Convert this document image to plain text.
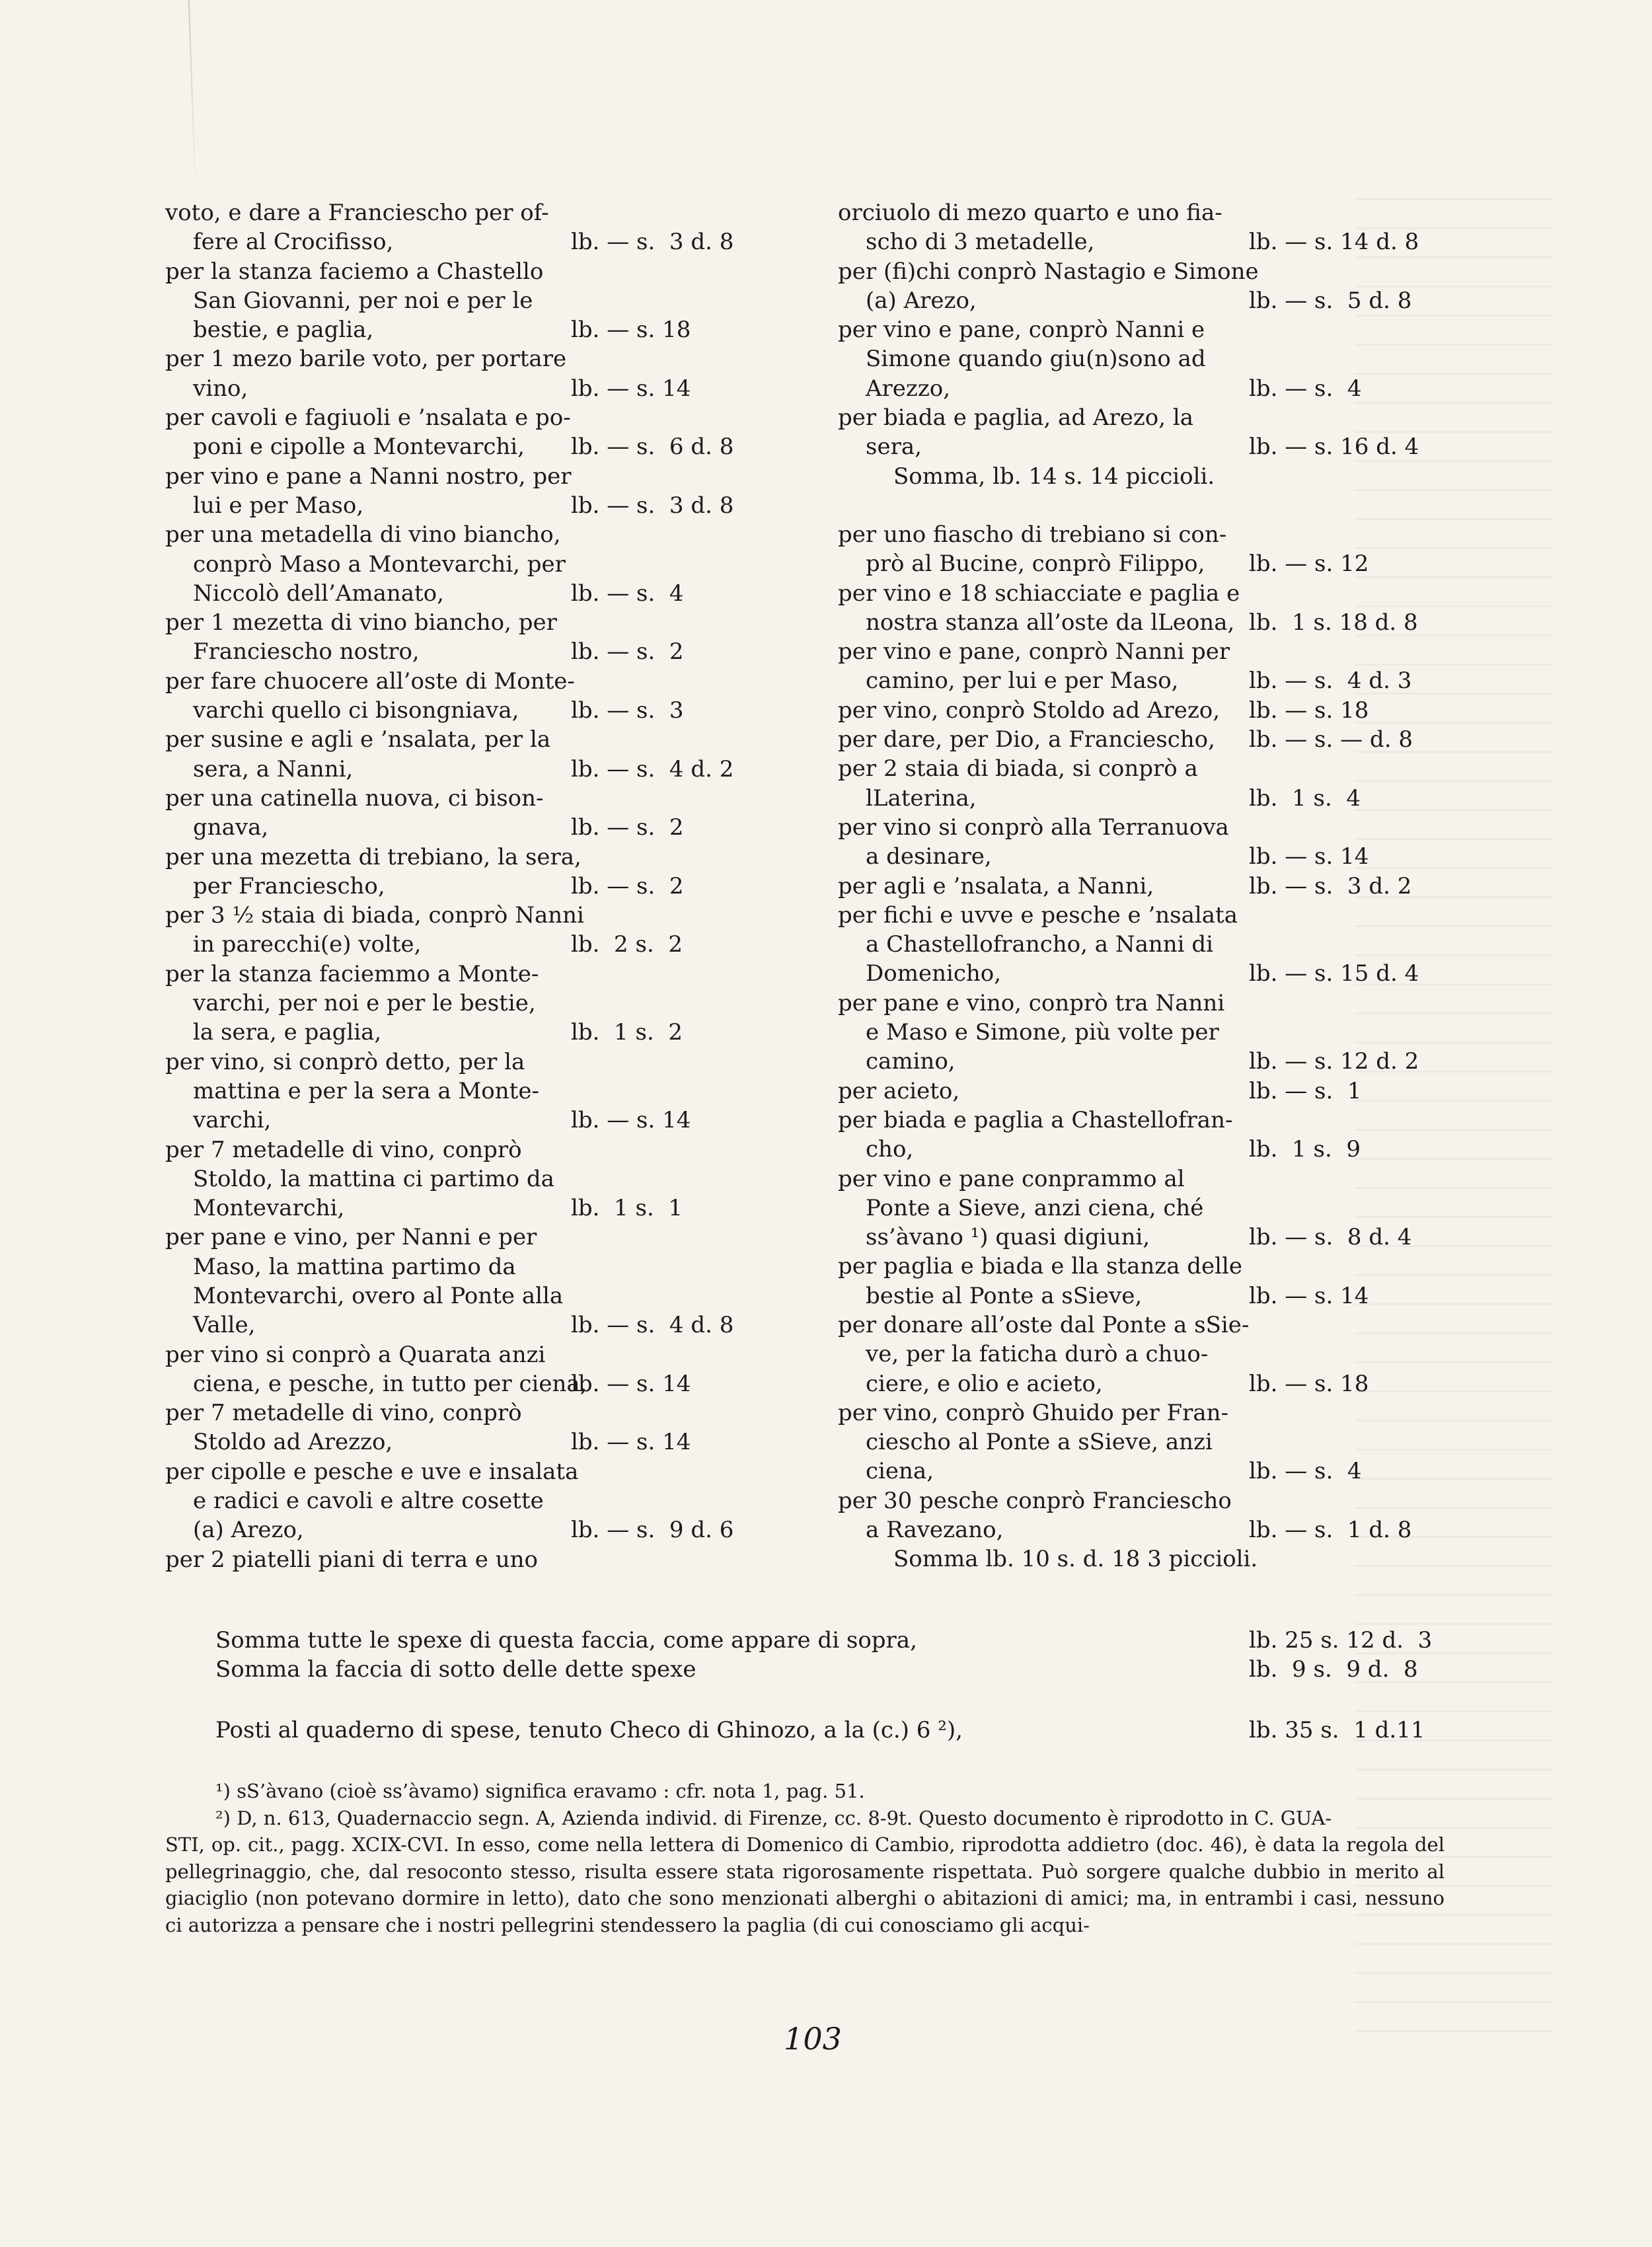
voto, e dare a Franciescho per of-
fere al Crocifisso,	lb. — s.  3 d. 8
per la stanza faciemo a Chastello
San Giovanni, per noi e per le
bestie, e paglia,	lb. — s. 18
per 1 mezo barile voto, per portare
vino,	lb. — s. 14
per cavoli e fagiuoli e ’nsalata e po-
poni e cipolle a Montevarchi,	lb. — s.  6 d. 8
per vino e pane a Nanni nostro, per
lui e per Maso,	lb. — s.  3 d. 8
per una metadella di vino biancho,
conprò Maso a Montevarchi, per
Niccolò dell’Amanato,	lb. — s.  4
per 1 mezetta di vino biancho, per
Franciescho nostro,	lb. — s.  2
per fare chuocere all’oste di Monte-
varchi quello ci bisongniava,	lb. — s.  3
per susine e agli e ’nsalata, per la
sera, a Nanni,	lb. — s.  4 d. 2
per una catinella nuova, ci bison-
gnava,	lb. — s.  2
per una mezetta di trebiano, la sera,
per Franciescho,	lb. — s.  2
per 3 ½ staia di biada, conprò Nanni
in parecchi(e) volte,	lb.  2 s.  2
per la stanza faciemmo a Monte-
varchi, per noi e per le bestie,
la sera, e paglia,	lb.  1 s.  2
per vino, si conprò detto, per la
mattina e per la sera a Monte-
varchi,	lb. — s. 14
per 7 metadelle di vino, conprò
Stoldo, la mattina ci partimo da
Montevarchi,	lb.  1 s.  1
per pane e vino, per Nanni e per
Maso, la mattina partimo da
Montevarchi, overo al Ponte alla
Valle,	lb. — s.  4 d. 8
per vino si conprò a Quarata anzi
ciena, e pesche, in tutto per ciena,
lb. — s. 14
per 7 metadelle di vino, conprò
Stoldo ad Arezzo,	lb. — s. 14
per cipolle e pesche e uve e insalata
e radici e cavoli e altre cosette
(a) Arezo,	lb. — s.  9 d. 6
per 2 piatelli piani di terra e uno
orciuolo di mezo quarto e uno fia-
scho di 3 metadelle,	lb. — s. 14 d. 8
per (fi)chi conprò Nastagio e Simone
(a) Arezo,	lb. — s.  5 d. 8
per vino e pane, conprò Nanni e
Simone quando giu(n)sono ad
Arezzo,	lb. — s.  4
per biada e paglia, ad Arezo, la
sera,	lb. — s. 16 d. 4
Somma, lb. 14 s. 14 piccioli.
per uno fiascho di trebiano si con-
prò al Bucine, conprò Filippo,	lb. — s. 12
per vino e 18 schiacciate e paglia e
nostra stanza all’oste da lLeona, lb.  1 s. 18 d. 8
per vino e pane, conprò Nanni per
camino, per lui e per Maso,	lb. — s.  4 d. 3
per vino, conprò Stoldo ad Arezo,	lb. — s. 18
per dare, per Dio, a Franciescho,	lb. — s. — d. 8
per 2 staia di biada, si conprò a
lLaterina,	lb.  1 s.  4
per vino si conprò alla Terranuova
a desinare,	lb. — s. 14
per agli e ’nsalata, a Nanni,	lb. — s.  3 d. 2
per fichi e uvve e pesche e ’nsalata
a Chastellofrancho, a Nanni di
Domenicho,	lb. — s. 15 d. 4
per pane e vino, conprò tra Nanni
e Maso e Simone, più volte per
camino,	lb. — s. 12 d. 2
per acieto,	lb. — s.  1
per biada e paglia a Chastellofran-
cho,	lb.  1 s.  9
per vino e pane conprammo al
Ponte a Sieve, anzi ciena, ché
ss’àvano ¹) quasi digiuni,	lb. — s.  8 d. 4
per paglia e biada e lla stanza delle
bestie al Ponte a sSieve,	lb. — s. 14
per donare all’oste dal Ponte a sSie-
ve, per la faticha durò a chuo-
ciere, e olio e acieto,	lb. — s. 18
per vino, conprò Ghuido per Fran-
ciescho al Ponte a sSieve, anzi
ciena,	lb. — s.  4
per 30 pesche conprò Franciescho
a Ravezano,	lb. — s.  1 d. 8
Somma lb. 10 s. d. 18 3 piccioli.
Somma tutte le spexe di questa faccia, come appare di sopra,	lb. 25 s. 12 d.  3
Somma la faccia di sotto delle dette spexe	lb.  9 s.  9 d.  8
Posti al quaderno di spese, tenuto Checo di Ghinozo, a la (c.) 6 ²),	lb. 35 s.  1 d.11

¹) sS’àvano (cioè ss’àvamo) significa eravamo : cfr. nota 1, pag. 51.

²) D, n. 613, Quadernaccio segn. A, Azienda individ. di Firenze, cc. 8-9t. Questo documento è riprodotto in C. GUA-

STI, op. cit., pagg. XCIX-CVI. In esso, come nella lettera di Domenico di Cambio, riprodotta addietro (doc. 46), è data la regola del pellegrinaggio, che, dal resoconto stesso, risulta essere stata rigorosamente rispettata. Può sorgere qualche dubbio in merito al giaciglio (non potevano dormire in letto), dato che sono menzionati alberghi o abitazioni di amici; ma, in entrambi i casi, nessuno ci autorizza a pensare che i nostri pellegrini stendessero la paglia (di cui conosciamo gli acqui-

103
